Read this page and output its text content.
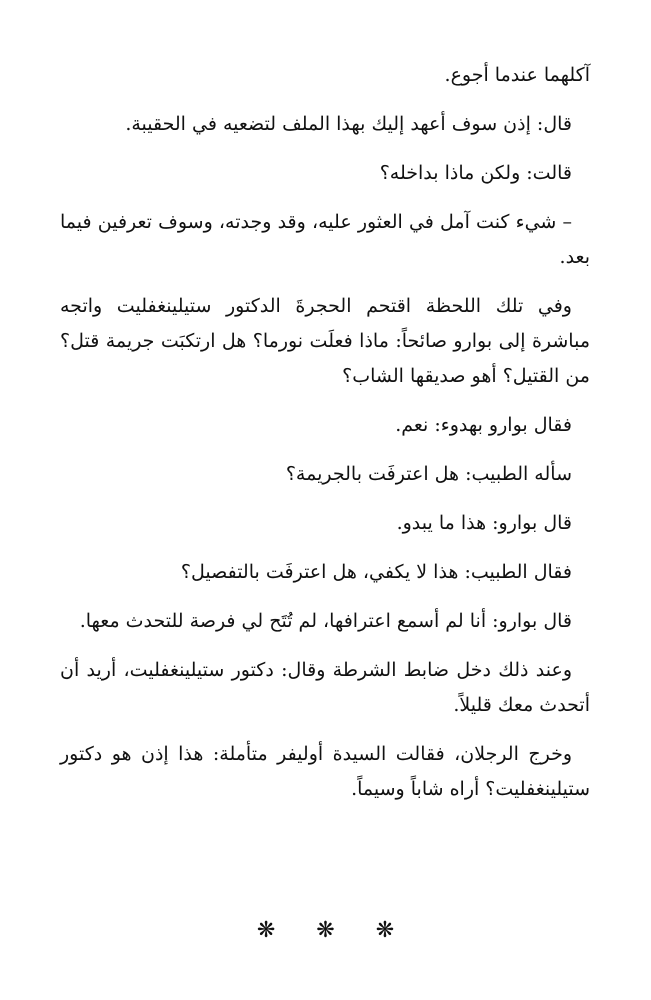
آكلهما عندما أجوع.

قال: إذن سوف أعهد إليك بهذا الملف لتضعيه في الحقيبة.

قالت: ولكن ماذا بداخله؟

– شيء كنت آمل في العثور عليه، وقد وجدته، وسوف تعرفين فيما بعد.

وفي تلك اللحظة اقتحم الحجرةَ الدكتور ستيلينغفليت واتجه مباشرة إلى بوارو صائحاً: ماذا فعلَت نورما؟ هل ارتكبَت جريمة قتل؟ من القتيل؟ أهو صديقها الشاب؟

فقال بوارو بهدوء: نعم.

سأله الطبيب: هل اعترفَت بالجريمة؟

قال بوارو: هذا ما يبدو.

فقال الطبيب: هذا لا يكفي، هل اعترفَت بالتفصيل؟

قال بوارو: أنا لم أسمع اعترافها، لم تُتَح لي فرصة للتحدث معها.

وعند ذلك دخل ضابط الشرطة وقال: دكتور ستيلينغفليت، أريد أن أتحدث معك قليلاً.

وخرج الرجلان، فقالت السيدة أوليفر متأملة: هذا إذن هو دكتور ستيلينغفليت؟ أراه شاباً وسيماً.

❋ ❋ ❋
